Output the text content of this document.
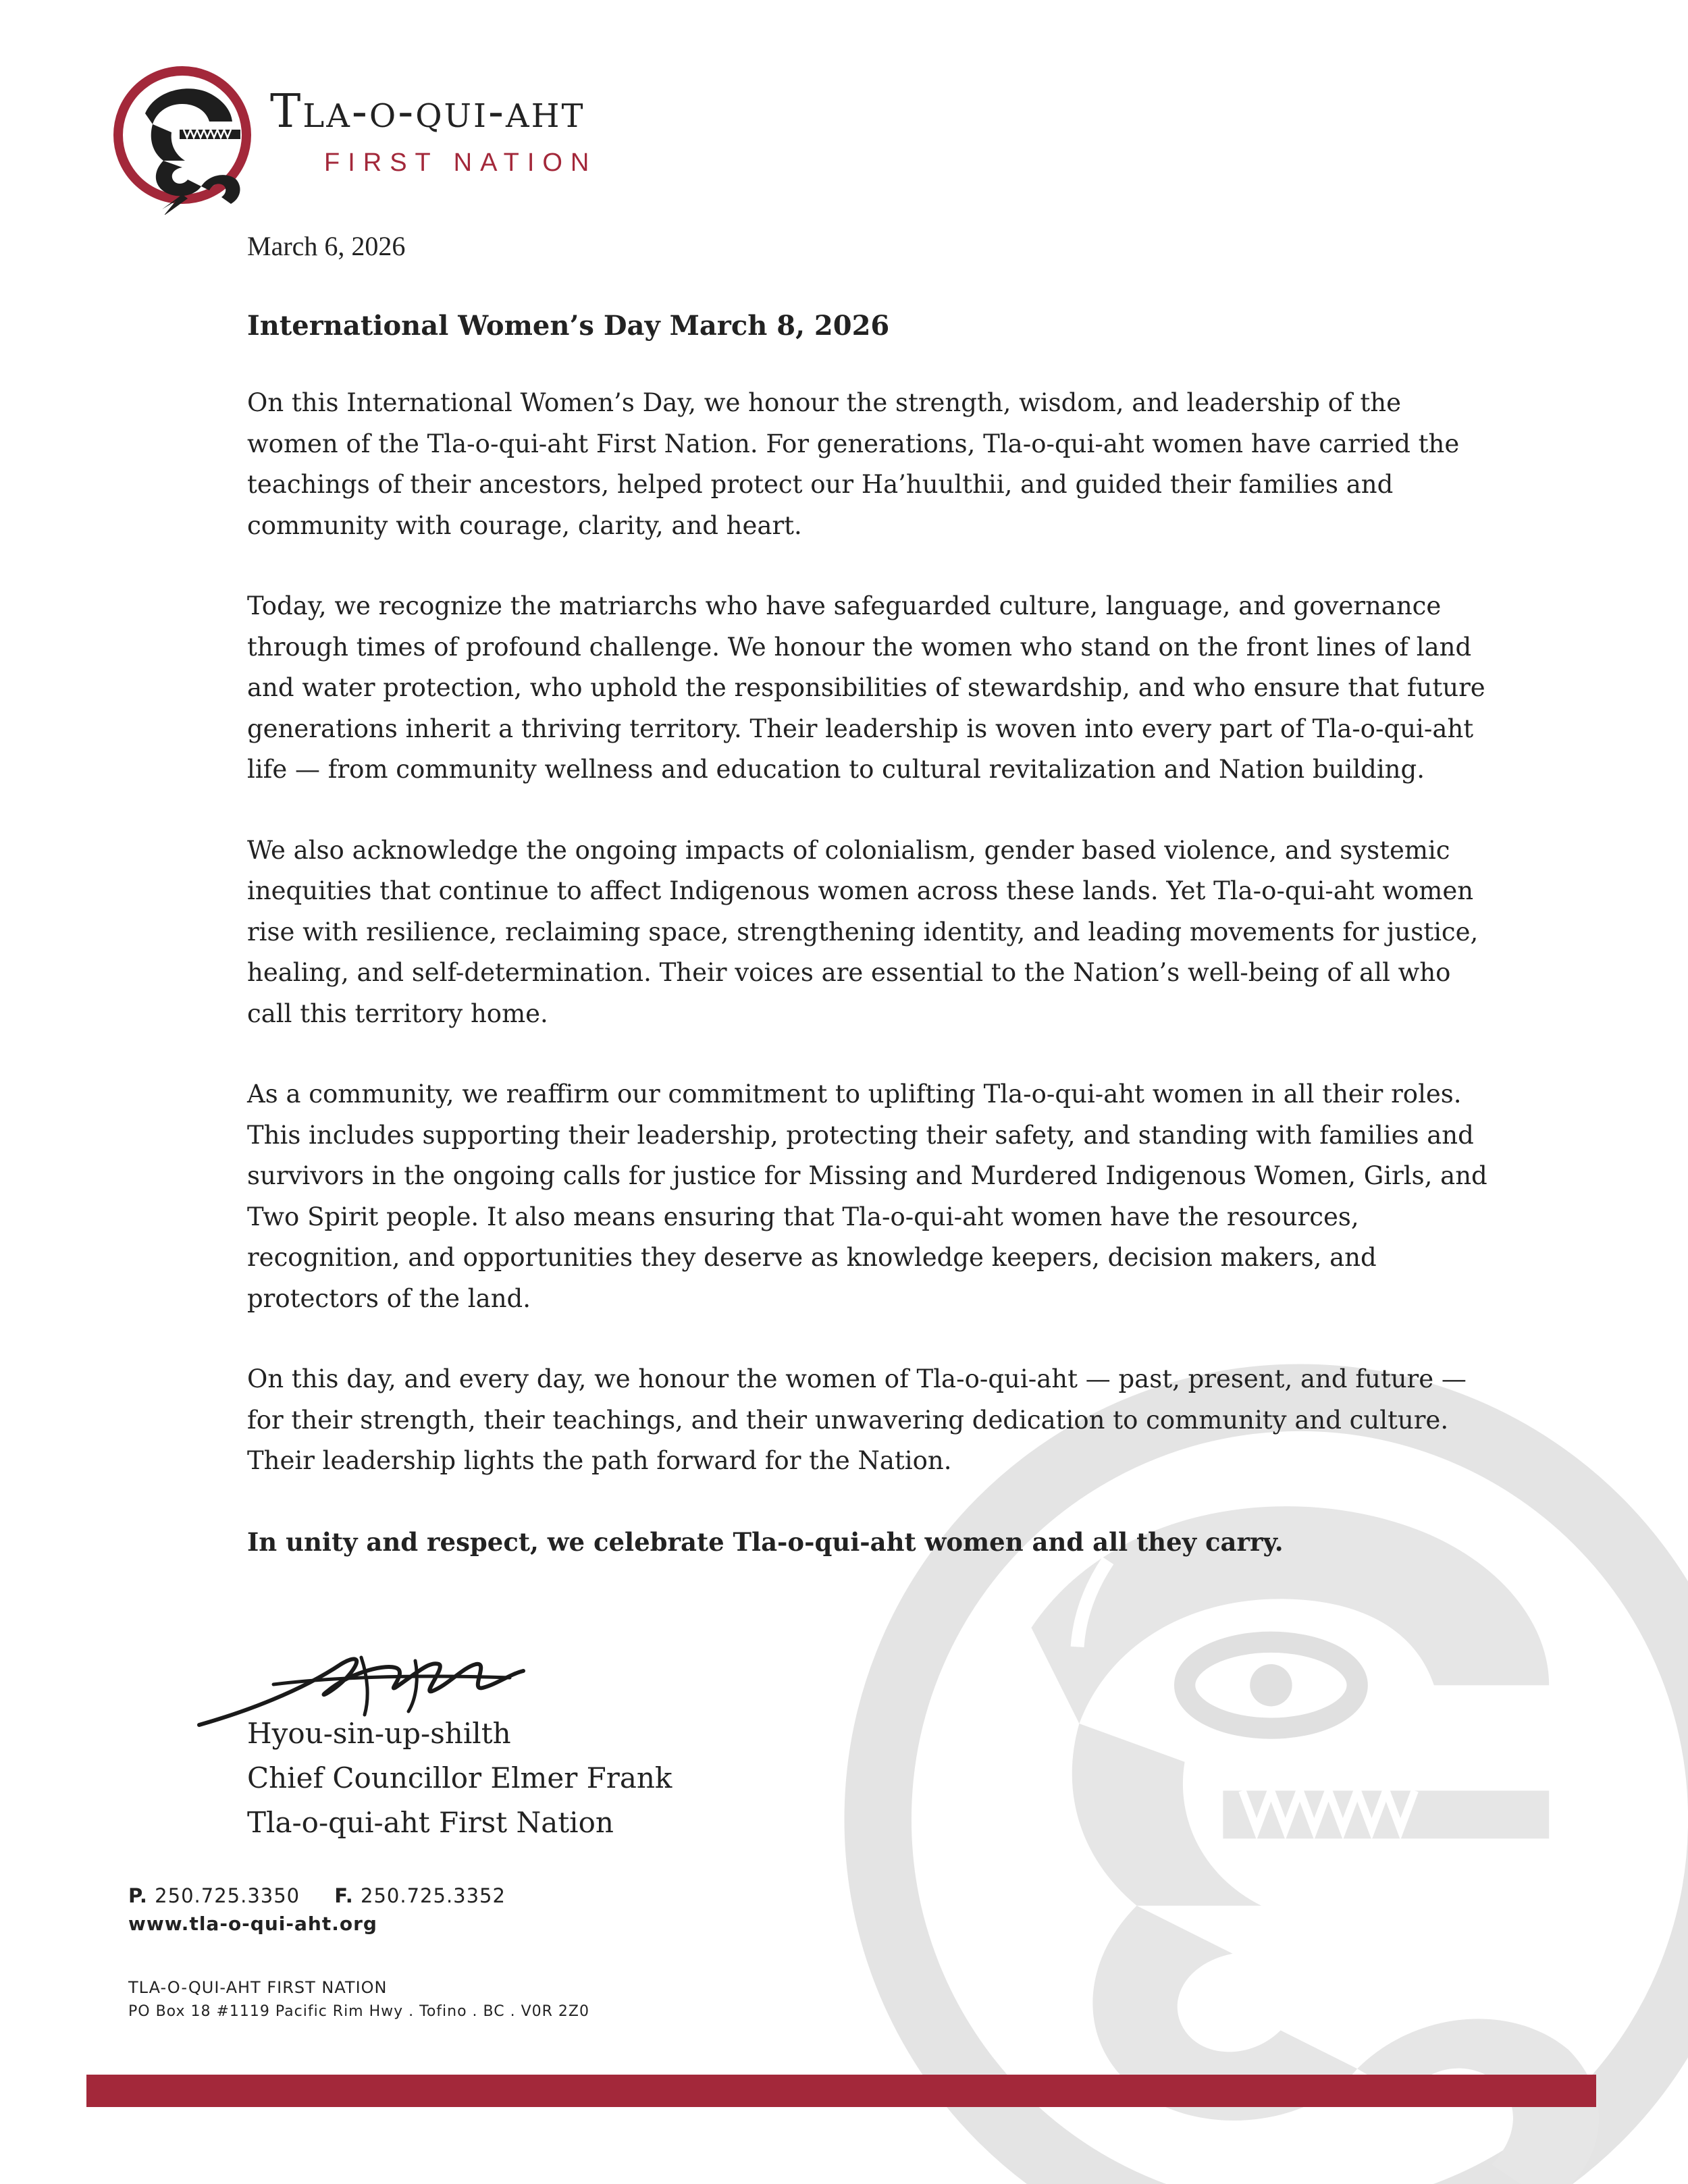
Tla-o-qui-aht
FIRST NATION
March 6, 2026
International Women’s Day March 8, 2026

On this International Women’s Day, we honour the strength, wisdom, and leadership of the women of the Tla-o-qui-aht First Nation. For generations, Tla-o-qui-aht women have carried the teachings of their ancestors, helped protect our Ha’huulthii, and guided their families and community with courage, clarity, and heart.

Today, we recognize the matriarchs who have safeguarded culture, language, and governance through times of profound challenge. We honour the women who stand on the front lines of land and water protection, who uphold the responsibilities of stewardship, and who ensure that future generations inherit a thriving territory. Their leadership is woven into every part of Tla-o-qui-aht life — from community wellness and education to cultural revitalization and Nation building.

We also acknowledge the ongoing impacts of colonialism, gender based violence, and systemic inequities that continue to affect Indigenous women across these lands. Yet Tla-o-qui-aht women rise with resilience, reclaiming space, strengthening identity, and leading movements for justice, healing, and self-determination. Their voices are essential to the Nation’s well-being of all who call this territory home.

As a community, we reaffirm our commitment to uplifting Tla-o-qui-aht women in all their roles. This includes supporting their leadership, protecting their safety, and standing with families and survivors in the ongoing calls for justice for Missing and Murdered Indigenous Women, Girls, and Two Spirit people. It also means ensuring that Tla-o-qui-aht women have the resources, recognition, and opportunities they deserve as knowledge keepers, decision makers, and protectors of the land.

On this day, and every day, we honour the women of Tla-o-qui-aht — past, present, and future — for their strength, their teachings, and their unwavering dedication to community and culture. Their leadership lights the path forward for the Nation.

In unity and respect, we celebrate Tla-o-qui-aht women and all they carry.

Hyou-sin-up-shilth
Chief Councillor Elmer Frank
Tla-o-qui-aht First Nation
P. 250.725.3350 F. 250.725.3352
www.tla-o-qui-aht.org
TLA-O-QUI-AHT FIRST NATION
PO Box 18 #1119 Pacific Rim Hwy . Tofino . BC . V0R 2Z0
